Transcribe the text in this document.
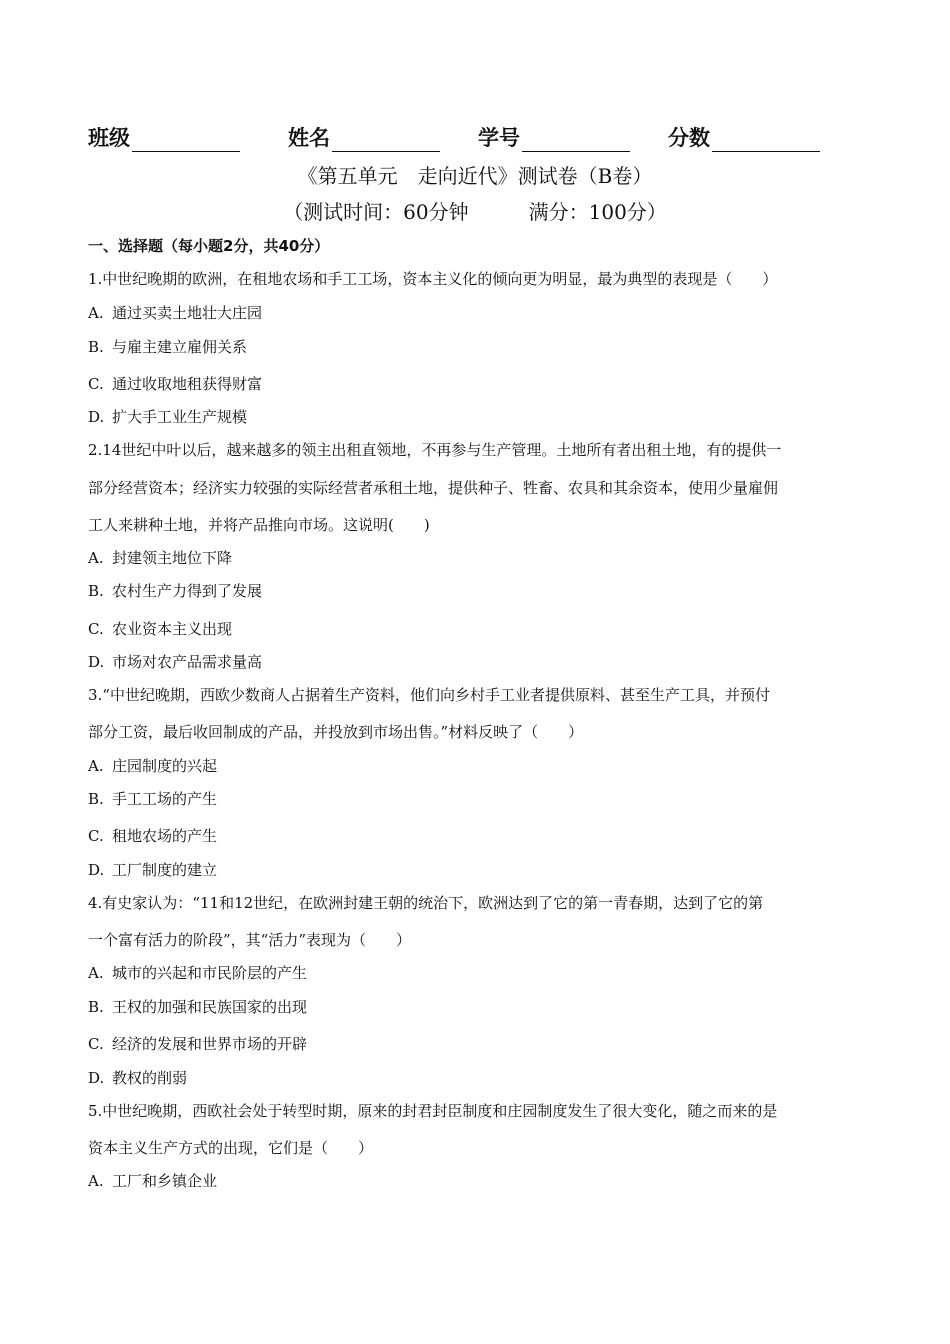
班级	姓名	学号	分数
《第五单元　走向近代》测试卷（B卷）
（测试时间：60分钟　　　满分：100分）
一、选择题（每小题2分，共40分）
1.中世纪晚期的欧洲，在租地农场和手工工场，资本主义化的倾向更为明显，最为典型的表现是（　　）
A. 通过买卖土地壮大庄园
B. 与雇主建立雇佣关系
C. 通过收取地租获得财富
D. 扩大手工业生产规模
2.14世纪中叶以后，越来越多的领主出租直领地，不再参与生产管理。土地所有者出租土地，有的提供一
部分经营资本；经济实力较强的实际经营者承租土地，提供种子、牲畜、农具和其余资本，使用少量雇佣
工人来耕种土地，并将产品推向市场。这说明(　　)
A. 封建领主地位下降
B. 农村生产力得到了发展
C. 农业资本主义出现
D. 市场对农产品需求量高
3.“中世纪晚期，西欧少数商人占据着生产资料，他们向乡村手工业者提供原料、甚至生产工具，并预付
部分工资，最后收回制成的产品，并投放到市场出售。”材料反映了（　　）
A. 庄园制度的兴起
B. 手工工场的产生
C. 租地农场的产生
D. 工厂制度的建立
4.有史家认为：“11和12世纪，在欧洲封建王朝的统治下，欧洲达到了它的第一青春期，达到了它的第
一个富有活力的阶段”，其“活力”表现为（　　）
A. 城市的兴起和市民阶层的产生
B. 王权的加强和民族国家的出现
C. 经济的发展和世界市场的开辟
D. 教权的削弱
5.中世纪晚期，西欧社会处于转型时期，原来的封君封臣制度和庄园制度发生了很大变化，随之而来的是
资本主义生产方式的出现，它们是（　　）
A. 工厂和乡镇企业
